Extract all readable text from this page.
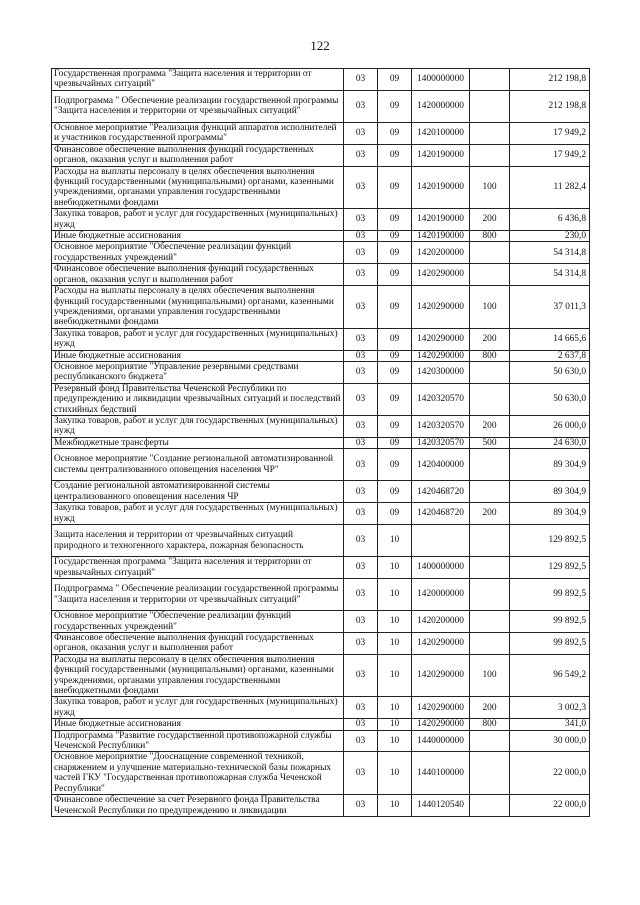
122
Государственная программа "Защита населения и территории от чрезвычайных ситуаций"	03	09	1400000000		212 198,8
Подпрограмма " Обеспечение реализации государственной программы "Защита населения и территории от чрезвычайных ситуаций"	03	09	1420000000		212 198,8
Основное мероприятие "Реализация функций аппаратов исполнителей и участников государственной программы"	03	09	1420100000		17 949,2
Финансовое обеспечение выполнения функций государственных органов, оказания услуг и выполнения работ	03	09	1420190000		17 949,2
Расходы на выплаты персоналу в целях обеспечения выполнения функций государственными (муниципальными) органами, казенными учреждениями, органами управления государственными внебюджетными фондами	03	09	1420190000	100	11 282,4
Закупка товаров, работ и услуг для государственных (муниципальных) нужд	03	09	1420190000	200	6 436,8
Иные бюджетные ассигнования	03	09	1420190000	800	230,0
Основное мероприятие "Обеспечение реализации функций государственных учреждений"	03	09	1420200000		54 314,8
Финансовое обеспечение выполнения функций государственных органов, оказания услуг и выполнения работ	03	09	1420290000		54 314,8
Расходы на выплаты персоналу в целях обеспечения выполнения функций государственными (муниципальными) органами, казенными учреждениями, органами управления государственными внебюджетными фондами	03	09	1420290000	100	37 011,3
Закупка товаров, работ и услуг для государственных (муниципальных) нужд	03	09	1420290000	200	14 665,6
Иные бюджетные ассигнования	03	09	1420290000	800	2 637,8
Основное мероприятие "Управление резервными средствами республиканского бюджета"	03	09	1420300000		50 630,0
Резервный фонд Правительства Чеченской Республики по предупреждению и ликвидации чрезвычайных ситуаций и последствий стихийных бедствий	03	09	1420320570		50 630,0
Закупка товаров, работ и услуг для государственных (муниципальных) нужд	03	09	1420320570	200	26 000,0
Межбюджетные трансферты	03	09	1420320570	500	24 630,0
Основное мероприятие "Создание региональной автоматизированной системы централизованного оповещения населения ЧР"	03	09	1420400000		89 304,9
Создание региональной автоматизированной системы централизованного оповещения населения ЧР	03	09	1420468720		89 304,9
Закупка товаров, работ и услуг для государственных (муниципальных) нужд	03	09	1420468720	200	89 304,9
Защита населения и территории от чрезвычайных ситуаций природного и техногенного характера, пожарная безопасность	03	10			129 892,5
Государственная программа "Защита населения и территории от чрезвычайных ситуаций"	03	10	1400000000		129 892,5
Подпрограмма " Обеспечение реализации государственной программы "Защита населения и территории от чрезвычайных ситуаций"	03	10	1420000000		99 892,5
Основное мероприятие "Обеспечение реализации функций государственных учреждений"	03	10	1420200000		99 892,5
Финансовое обеспечение выполнения функций государственных органов, оказания услуг и выполнения работ	03	10	1420290000		99 892,5
Расходы на выплаты персоналу в целях обеспечения выполнения функций государственными (муниципальными) органами, казенными учреждениями, органами управления государственными внебюджетными фондами	03	10	1420290000	100	96 549,2
Закупка товаров, работ и услуг для государственных (муниципальных) нужд	03	10	1420290000	200	3 002,3
Иные бюджетные ассигнования	03	10	1420290000	800	341,0
Подпрограмма "Развитие государственной противопожарной службы Чеченской Республики"	03	10	1440000000		30 000,0
Основное мероприятие "Дооснащение современной техникой, снаряжением и улучшение материально-технической базы пожарных частей ГКУ "Государственная противопожарная служба Чеченской Республики"	03	10	1440100000		22 000,0
Финансовое обеспечение за счет Резервного фонда Правительства Чеченской Республики по предупреждению и ликвидации	03	10	1440120540		22 000,0
